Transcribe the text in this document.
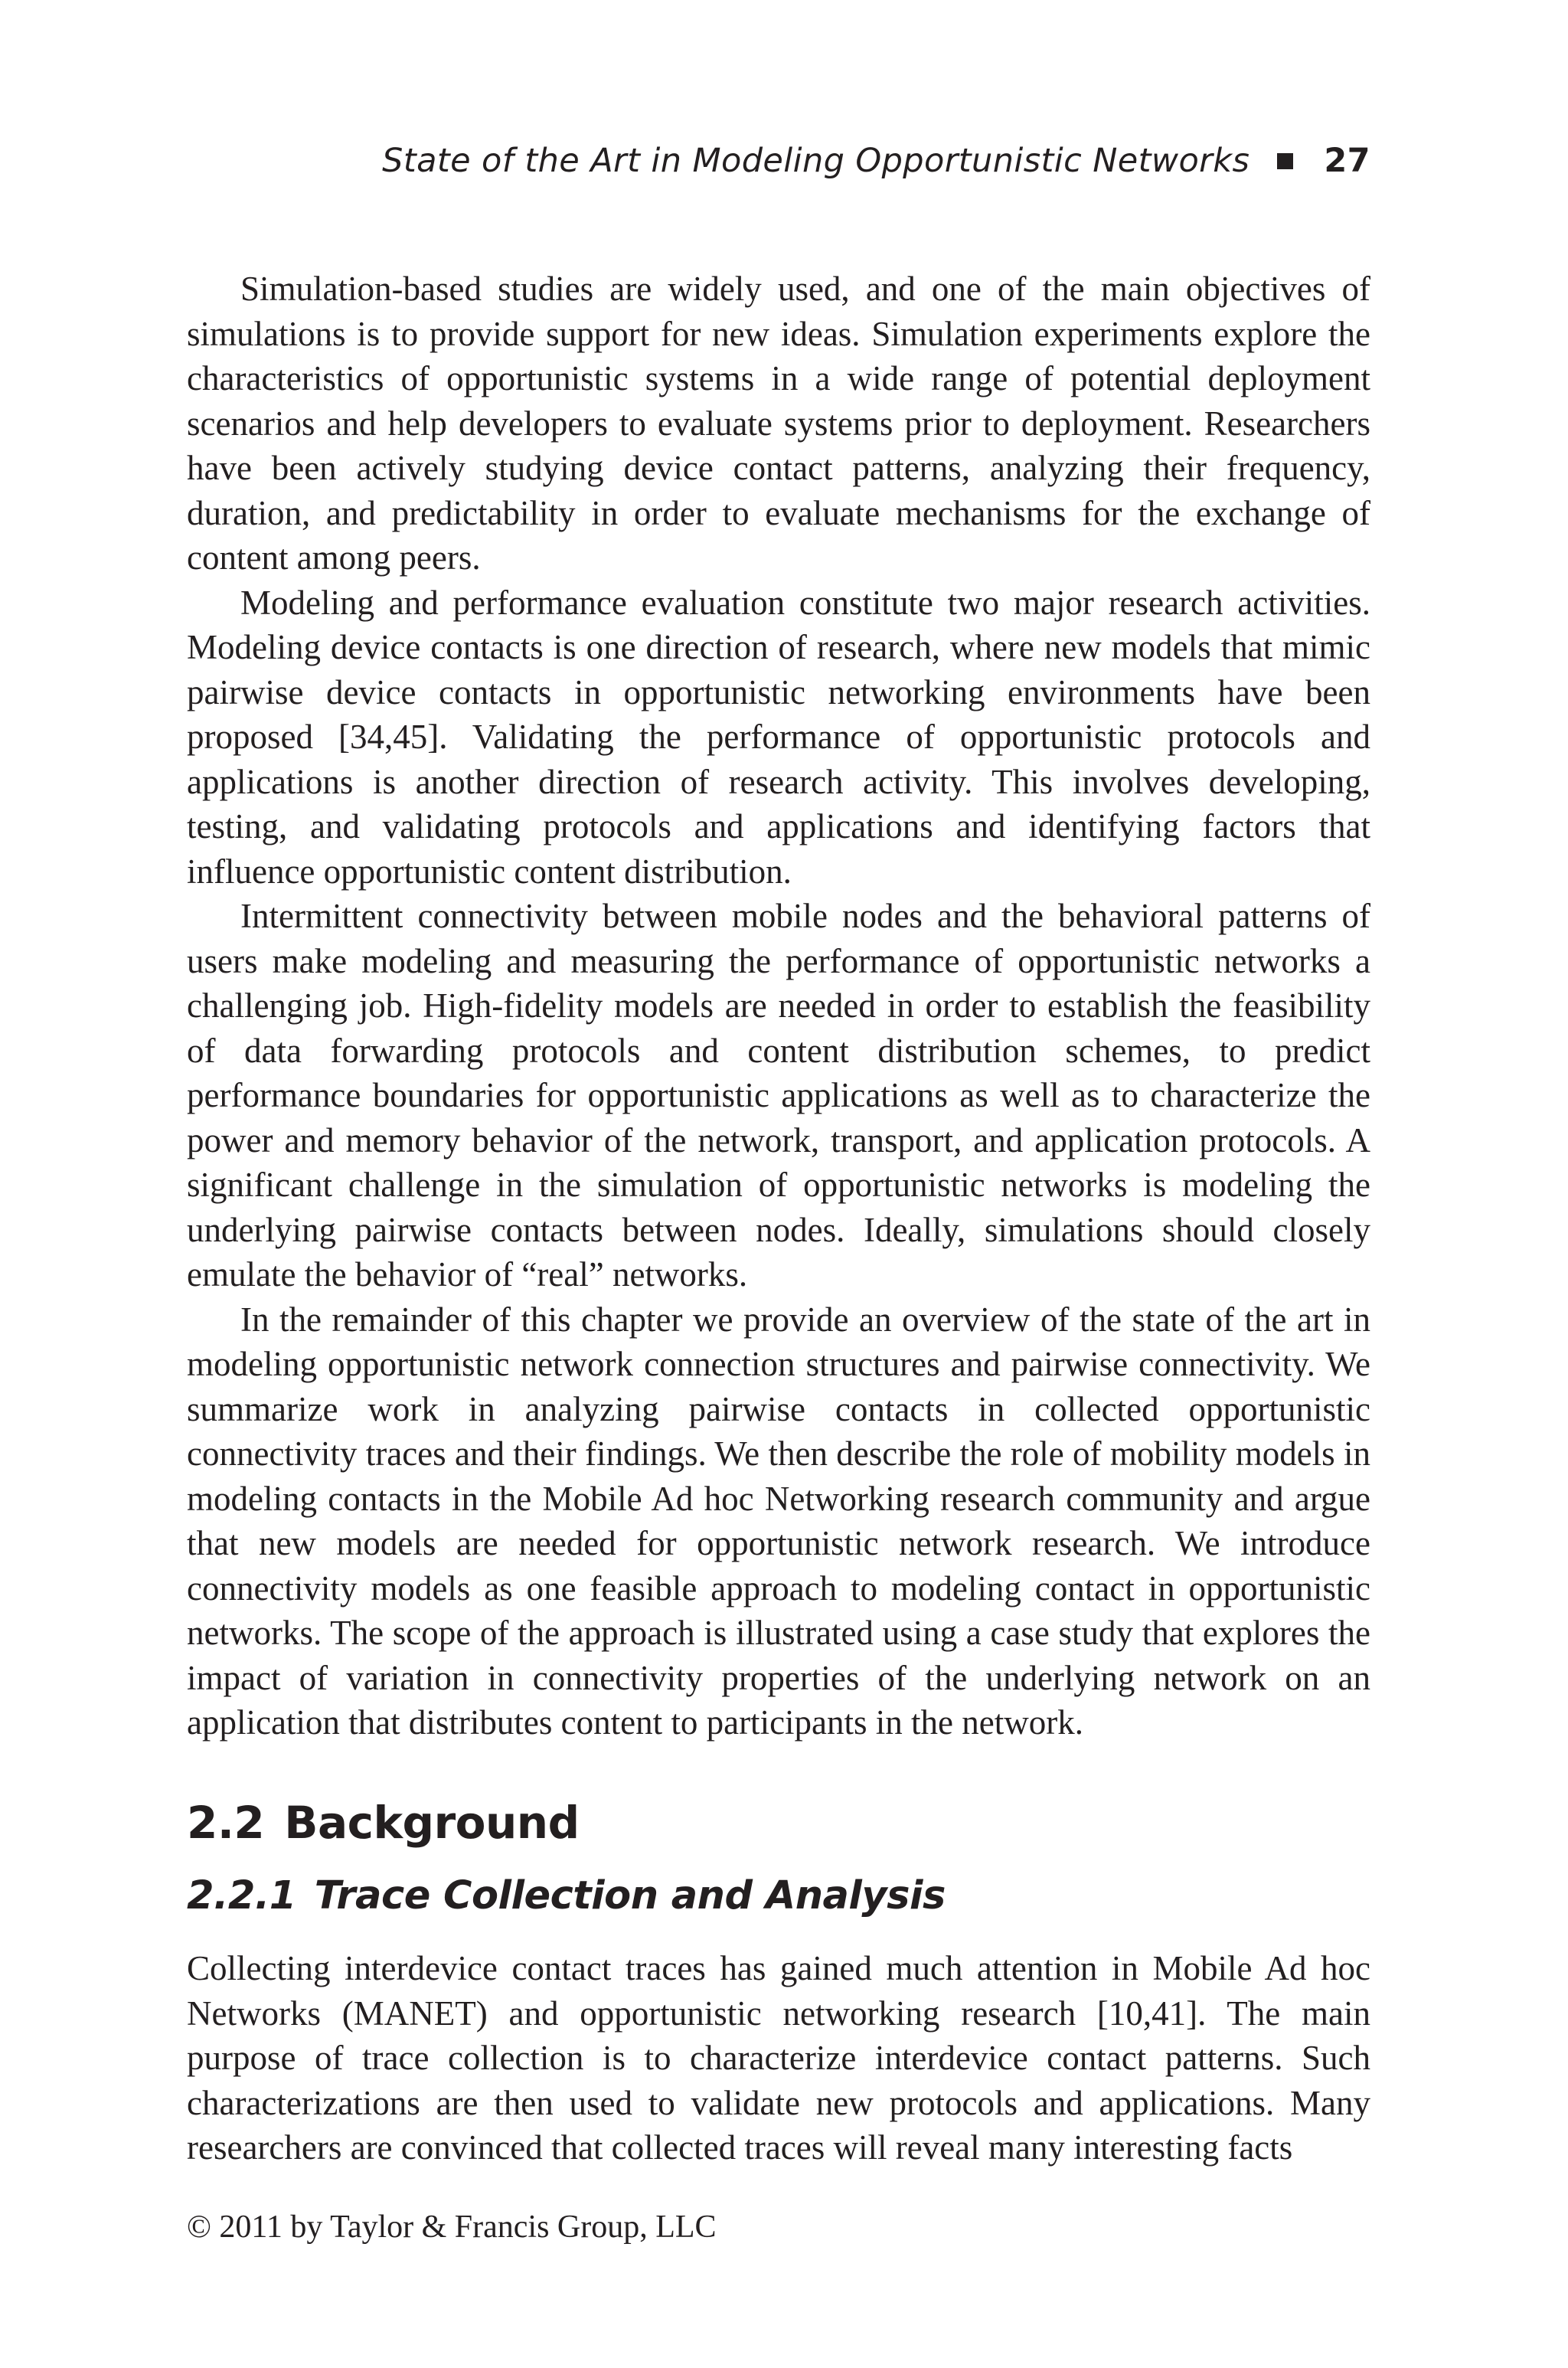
State of the Art in Modeling Opportunistic Networks 27

Simulation-based studies are widely used, and one of the main objectives of simulations is to provide support for new ideas. Simulation experiments explore the characteristics of opportunistic systems in a wide range of potential deployment scenarios and help developers to evaluate systems prior to deployment. Researchers have been actively studying device contact patterns, analyzing their frequency, duration, and predictability in order to evaluate mechanisms for the exchange of content among peers.

Modeling and performance evaluation constitute two major research activities. Modeling device contacts is one direction of research, where new models that mimic pairwise device contacts in opportunistic networking environments have been proposed [34,45]. Validating the performance of opportunistic protocols and applications is another direction of research activity. This involves developing, testing, and validating protocols and applications and identifying factors that influence opportunistic content distribution.

Intermittent connectivity between mobile nodes and the behavioral patterns of users make modeling and measuring the performance of opportunistic networks a challenging job. High-fidelity models are needed in order to establish the feasibility of data forwarding protocols and content distribution schemes, to predict performance boundaries for opportunistic applications as well as to characterize the power and memory behavior of the network, transport, and application protocols. A significant challenge in the simulation of opportunistic networks is modeling the underlying pairwise contacts between nodes. Ideally, simulations should closely emulate the behavior of “real” networks.

In the remainder of this chapter we provide an overview of the state of the art in modeling opportunistic network connection structures and pairwise connectivity. We summarize work in analyzing pairwise contacts in collected opportunistic connectivity traces and their findings. We then describe the role of mobility models in modeling contacts in the Mobile Ad hoc Networking research community and argue that new models are needed for opportunistic network research. We introduce connectivity models as one feasible approach to modeling contact in opportunistic networks. The scope of the approach is illustrated using a case study that explores the impact of variation in connectivity properties of the underlying network on an application that distributes content to participants in the network.

2.2 Background
2.2.1 Trace Collection and Analysis

Collecting interdevice contact traces has gained much attention in Mobile Ad hoc Networks (MANET) and opportunistic networking research [10,41]. The main purpose of trace collection is to characterize interdevice contact patterns. Such characterizations are then used to validate new protocols and applications. Many researchers are convinced that collected traces will reveal many interesting facts

© 2011 by Taylor & Francis Group, LLC
